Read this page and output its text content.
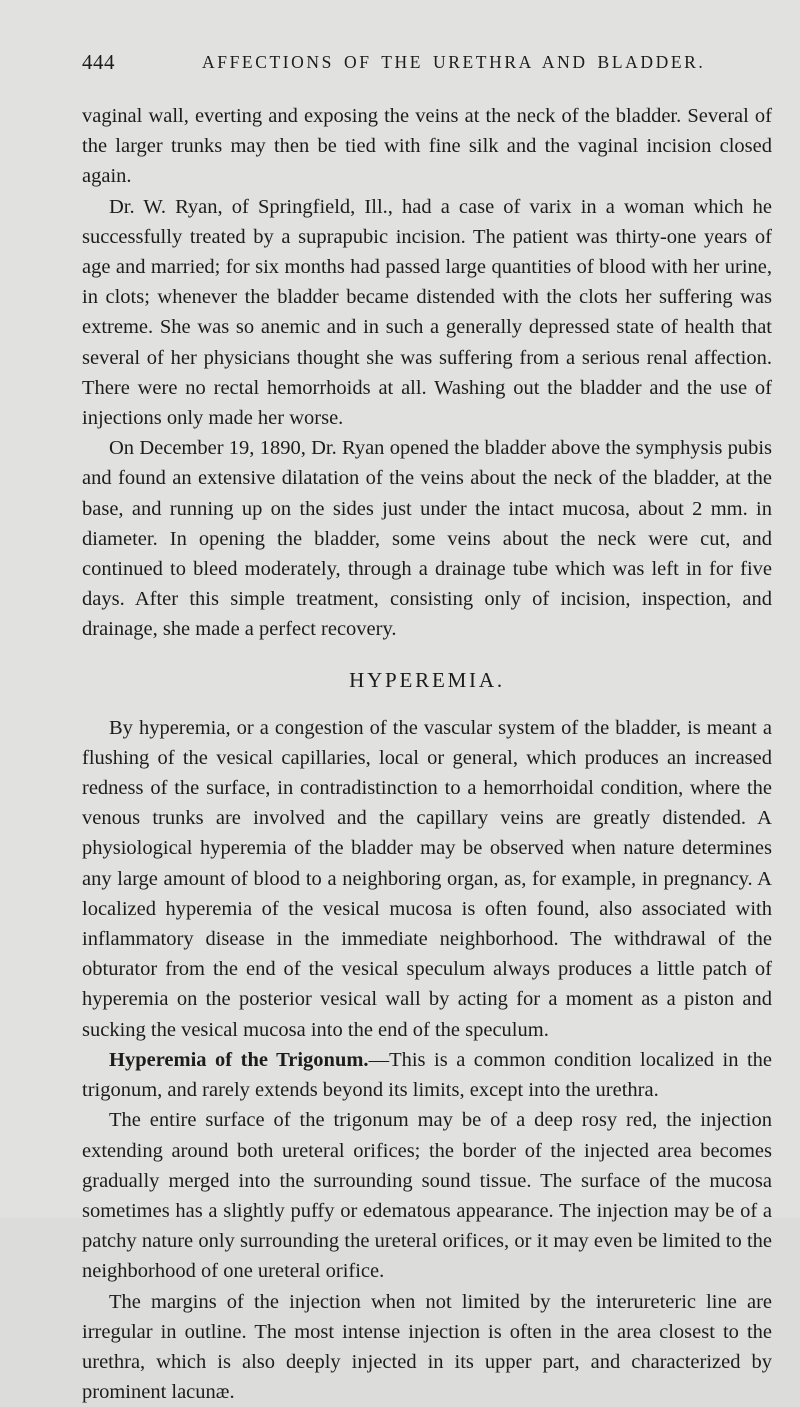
444	AFFECTIONS OF THE URETHRA AND BLADDER.

vaginal wall, everting and exposing the veins at the neck of the bladder. Several of the larger trunks may then be tied with fine silk and the vaginal incision closed again.

Dr. W. Ryan, of Springfield, Ill., had a case of varix in a woman which he successfully treated by a suprapubic incision. The patient was thirty-one years of age and married; for six months had passed large quantities of blood with her urine, in clots; whenever the bladder became distended with the clots her suffering was extreme. She was so anemic and in such a generally depressed state of health that several of her physicians thought she was suffering from a serious renal affection. There were no rectal hemorrhoids at all. Washing out the bladder and the use of injections only made her worse.

On December 19, 1890, Dr. Ryan opened the bladder above the symphysis pubis and found an extensive dilatation of the veins about the neck of the bladder, at the base, and running up on the sides just under the intact mucosa, about 2 mm. in diameter. In opening the bladder, some veins about the neck were cut, and continued to bleed moderately, through a drainage tube which was left in for five days. After this simple treatment, consisting only of incision, inspection, and drainage, she made a perfect recovery.

HYPEREMIA.

By hyperemia, or a congestion of the vascular system of the bladder, is meant a flushing of the vesical capillaries, local or general, which produces an increased redness of the surface, in contradistinction to a hemorrhoidal condition, where the venous trunks are involved and the capillary veins are greatly distended. A physiological hyperemia of the bladder may be observed when nature determines any large amount of blood to a neighboring organ, as, for example, in pregnancy. A localized hyperemia of the vesical mucosa is often found, also associated with inflammatory disease in the immediate neighborhood. The withdrawal of the obturator from the end of the vesical speculum always produces a little patch of hyperemia on the posterior vesical wall by acting for a moment as a piston and sucking the vesical mucosa into the end of the speculum.

Hyperemia of the Trigonum.—This is a common condition localized in the trigonum, and rarely extends beyond its limits, except into the urethra.

The entire surface of the trigonum may be of a deep rosy red, the injection extending around both ureteral orifices; the border of the injected area becomes gradually merged into the surrounding sound tissue. The surface of the mucosa sometimes has a slightly puffy or edematous appearance. The injection may be of a patchy nature only surrounding the ureteral orifices, or it may even be limited to the neighborhood of one ureteral orifice.

The margins of the injection when not limited by the interureteric line are irregular in outline. The most intense injection is often in the area closest to the urethra, which is also deeply injected in its upper part, and characterized by prominent lacunæ.
